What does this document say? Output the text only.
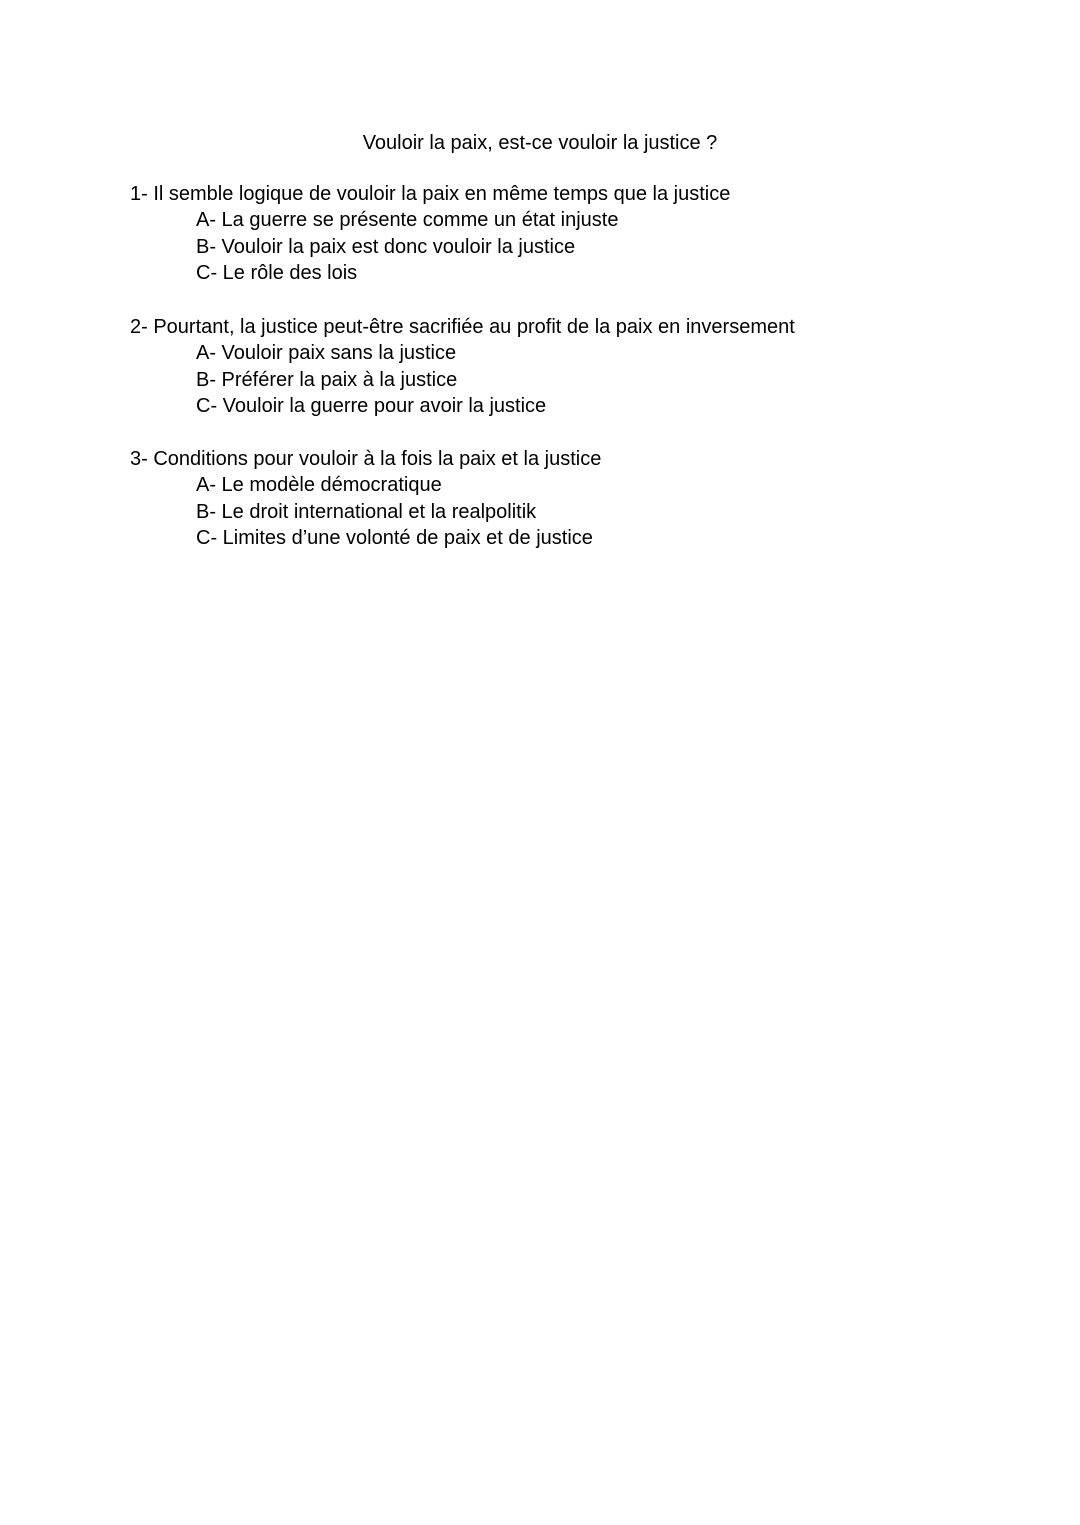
Vouloir la paix, est-ce vouloir la justice ?
1- Il semble logique de vouloir la paix en même temps que la justice
A- La guerre se présente comme un état injuste
B- Vouloir la paix est donc vouloir la justice
C- Le rôle des lois
2- Pourtant, la justice peut-être sacrifiée au profit de la paix en inversement
A- Vouloir paix sans la justice
B- Préférer la paix à la justice
C- Vouloir la guerre pour avoir la justice
3- Conditions pour vouloir à la fois la paix et la justice
A- Le modèle démocratique
B- Le droit international et la realpolitik
C- Limites d’une volonté de paix et de justice
